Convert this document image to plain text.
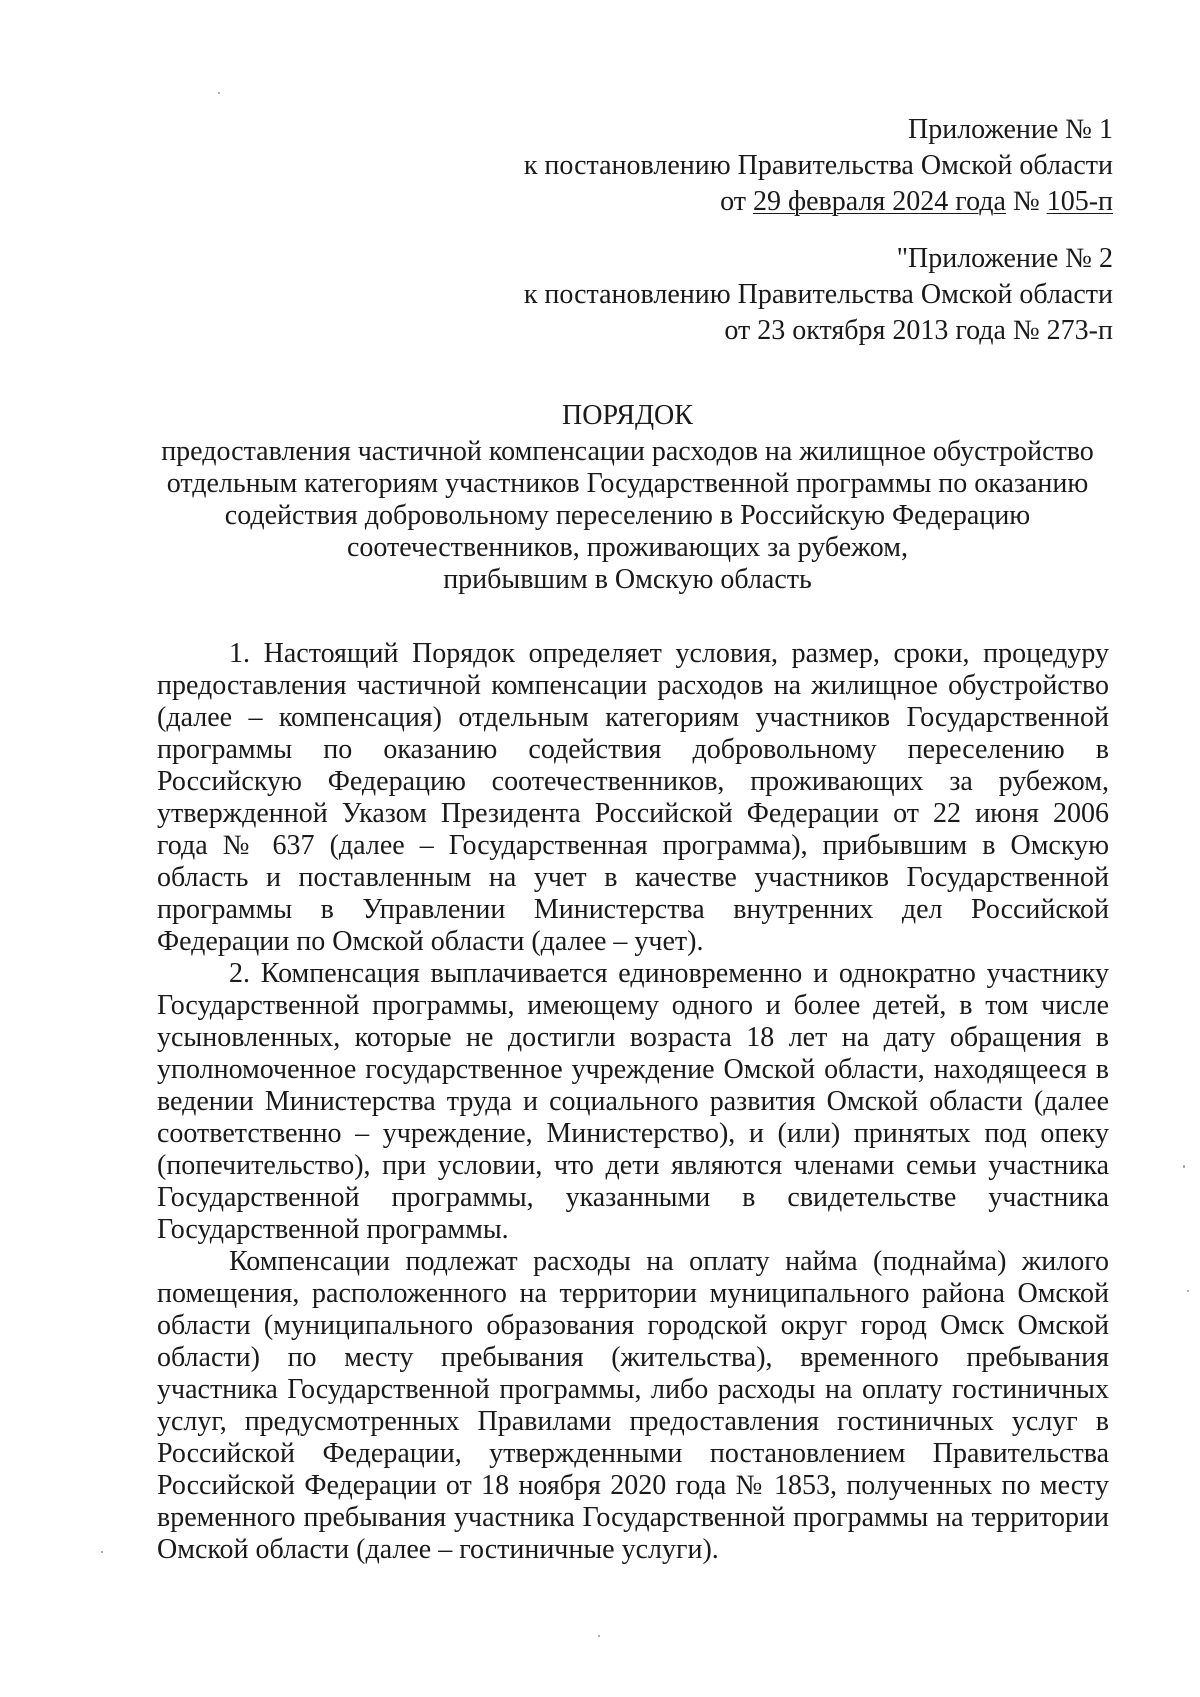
Приложение № 1
к постановлению Правительства Омской области
от 29 февраля 2024 года № 105-п
"Приложение № 2
к постановлению Правительства Омской области
от 23 октября 2013 года № 273-п
ПОРЯДОК
предоставления частичной компенсации расходов на жилищное обустройство
отдельным категориям участников Государственной программы по оказанию
содействия добровольному переселению в Российскую Федерацию
соотечественников, проживающих за рубежом,
прибывшим в Омскую область

1. Настоящий Порядок определяет условия, размер, сроки, процедуру предоставления частичной компенсации расходов на жилищное обустройство (далее – компенсация) отдельным категориям участников Государственной программы по оказанию содействия добровольному переселению в Российскую Федерацию соотечественников, проживающих за рубежом, утвержденной Указом Президента Российской Федерации от 22 июня 2006 года № 637 (далее – Государственная программа), прибывшим в Омскую область и поставленным на учет в качестве участников Государственной программы в Управлении Министерства внутренних дел Российской Федерации по Омской области (далее – учет).

2. Компенсация выплачивается единовременно и однократно участнику Государственной программы, имеющему одного и более детей, в том числе усыновленных, которые не достигли возраста 18 лет на дату обращения в уполномоченное государственное учреждение Омской области, находящееся в ведении Министерства труда и социального развития Омской области (далее соответственно – учреждение, Министерство), и (или) принятых под опеку (попечительство), при условии, что дети являются членами семьи участника Государственной программы, указанными в свидетельстве участника Государственной программы.

Компенсации подлежат расходы на оплату найма (поднайма) жилого помещения, расположенного на территории муниципального района Омской области (муниципального образования городской округ город Омск Омской области) по месту пребывания (жительства), временного пребывания участника Государственной программы, либо расходы на оплату гостиничных услуг, предусмотренных Правилами предоставления гостиничных услуг в Российской Федерации, утвержденными постановлением Правительства Российской Федерации от 18 ноября 2020 года № 1853, полученных по месту временного пребывания участника Государственной программы на территории Омской области (далее – гостиничные услуги).
